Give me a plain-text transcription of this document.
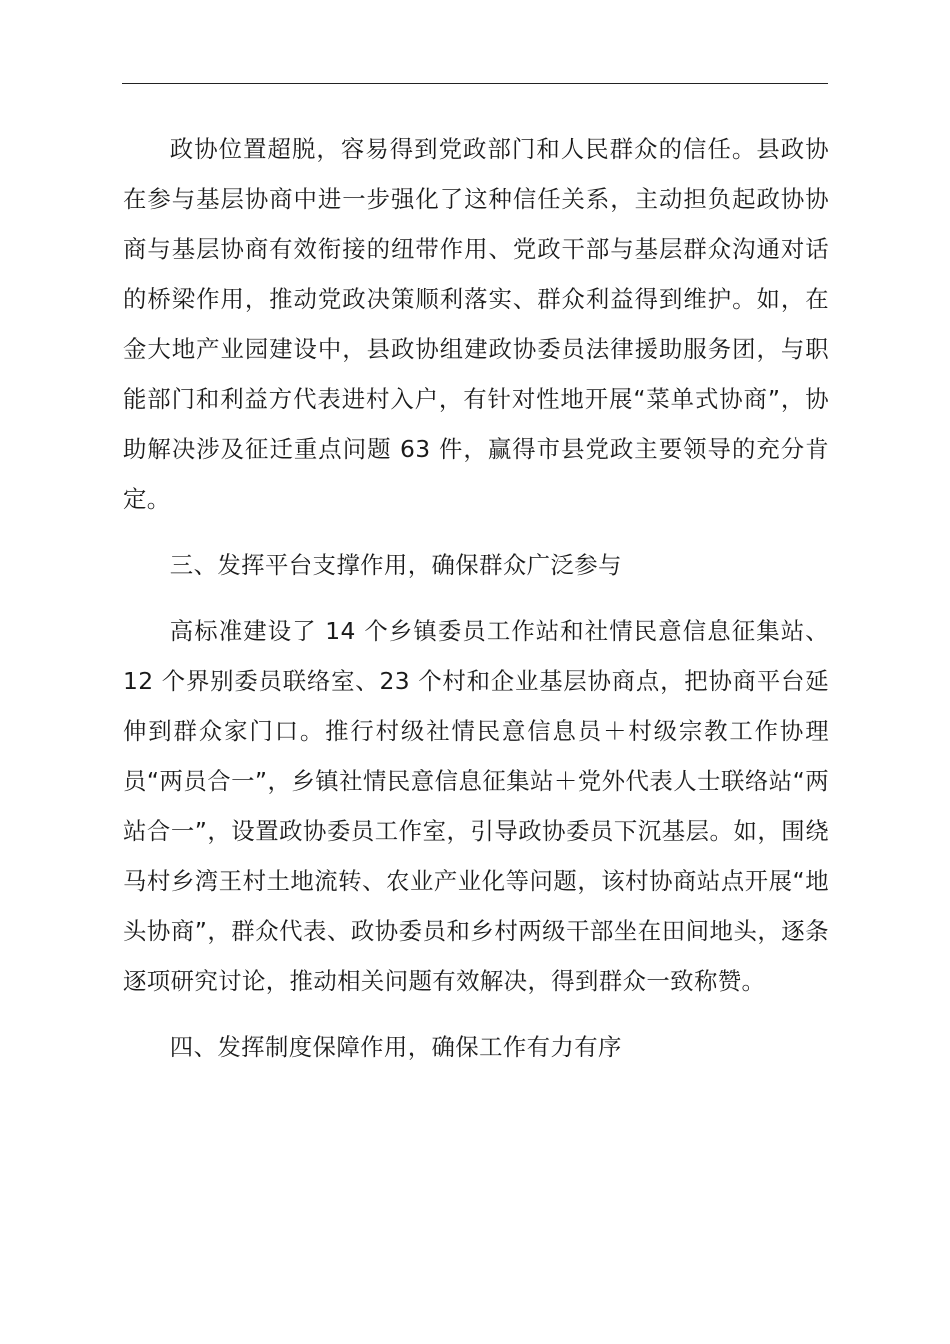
政协位置超脱，容易得到党政部门和人民群众的信任。县政协在参与基层协商中进一步强化了这种信任关系，主动担负起政协协商与基层协商有效衔接的纽带作用、党政干部与基层群众沟通对话的桥梁作用，推动党政决策顺利落实、群众利益得到维护。如，在金大地产业园建设中，县政协组建政协委员法律援助服务团，与职能部门和利益方代表进村入户，有针对性地开展“菜单式协商”，协助解决涉及征迁重点问题 63 件，赢得市县党政主要领导的充分肯定。

三、发挥平台支撑作用，确保群众广泛参与

高标准建设了 14 个乡镇委员工作站和社情民意信息征集站、12 个界别委员联络室、23 个村和企业基层协商点，把协商平台延伸到群众家门口。推行村级社情民意信息员＋村级宗教工作协理员“两员合一”，乡镇社情民意信息征集站＋党外代表人士联络站“两站合一”，设置政协委员工作室，引导政协委员下沉基层。如，围绕马村乡湾王村土地流转、农业产业化等问题，该村协商站点开展“地头协商”，群众代表、政协委员和乡村两级干部坐在田间地头，逐条逐项研究讨论，推动相关问题有效解决，得到群众一致称赞。

四、发挥制度保障作用，确保工作有力有序
